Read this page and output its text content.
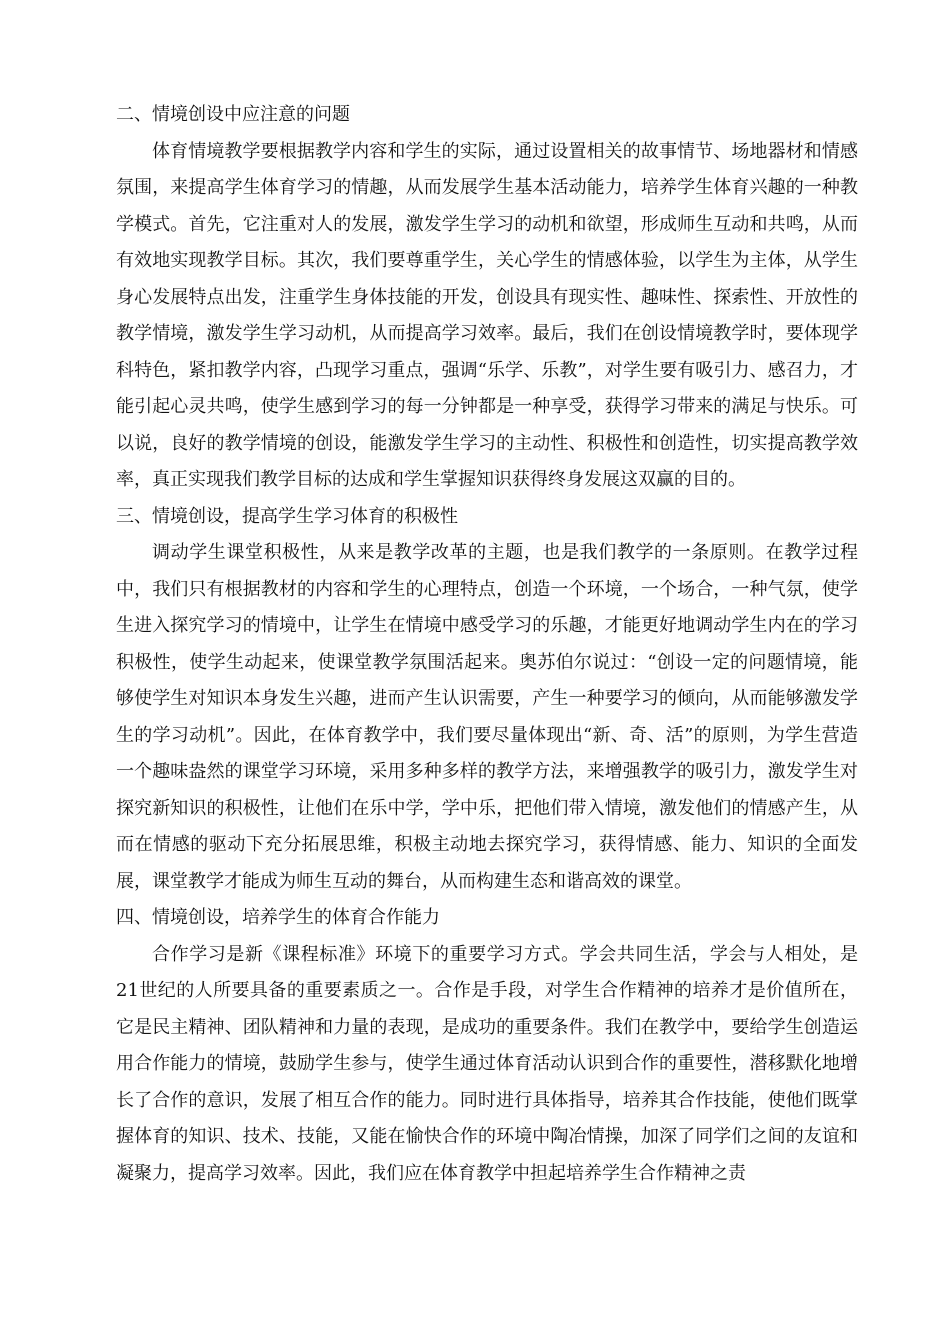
二、情境创设中应注意的问题

体育情境教学要根据教学内容和学生的实际，通过设置相关的故事情节、场地器材和情感氛围，来提高学生体育学习的情趣，从而发展学生基本活动能力，培养学生体育兴趣的一种教学模式。首先，它注重对人的发展，激发学生学习的动机和欲望，形成师生互动和共鸣，从而有效地实现教学目标。其次，我们要尊重学生，关心学生的情感体验，以学生为主体，从学生身心发展特点出发，注重学生身体技能的开发，创设具有现实性、趣味性、探索性、开放性的教学情境，激发学生学习动机，从而提高学习效率。最后，我们在创设情境教学时，要体现学科特色，紧扣教学内容，凸现学习重点，强调“乐学、乐教”，对学生要有吸引力、感召力，才能引起心灵共鸣，使学生感到学习的每一分钟都是一种享受，获得学习带来的满足与快乐。可以说，良好的教学情境的创设，能激发学生学习的主动性、积极性和创造性，切实提高教学效率，真正实现我们教学目标的达成和学生掌握知识获得终身发展这双赢的目的。

三、情境创设，提高学生学习体育的积极性

调动学生课堂积极性，从来是教学改革的主题，也是我们教学的一条原则。在教学过程中，我们只有根据教材的内容和学生的心理特点，创造一个环境，一个场合，一种气氛，使学生进入探究学习的情境中，让学生在情境中感受学习的乐趣，才能更好地调动学生内在的学习积极性，使学生动起来，使课堂教学氛围活起来。奥苏伯尔说过：“创设一定的问题情境，能够使学生对知识本身发生兴趣，进而产生认识需要，产生一种要学习的倾向，从而能够激发学生的学习动机”。因此，在体育教学中，我们要尽量体现出“新、奇、活”的原则，为学生营造一个趣味盎然的课堂学习环境，采用多种多样的教学方法，来增强教学的吸引力，激发学生对探究新知识的积极性，让他们在乐中学，学中乐，把他们带入情境，激发他们的情感产生，从而在情感的驱动下充分拓展思维，积极主动地去探究学习，获得情感、能力、知识的全面发展，课堂教学才能成为师生互动的舞台，从而构建生态和谐高效的课堂。

四、情境创设，培养学生的体育合作能力

合作学习是新《课程标准》环境下的重要学习方式。学会共同生活，学会与人相处，是21世纪的人所要具备的重要素质之一。合作是手段，对学生合作精神的培养才是价值所在，它是民主精神、团队精神和力量的表现，是成功的重要条件。我们在教学中，要给学生创造运用合作能力的情境，鼓励学生参与，使学生通过体育活动认识到合作的重要性，潜移默化地增长了合作的意识，发展了相互合作的能力。同时进行具体指导，培养其合作技能，使他们既掌握体育的知识、技术、技能，又能在愉快合作的环境中陶冶情操，加深了同学们之间的友谊和凝聚力，提高学习效率。因此，我们应在体育教学中担起培养学生合作精神之责
